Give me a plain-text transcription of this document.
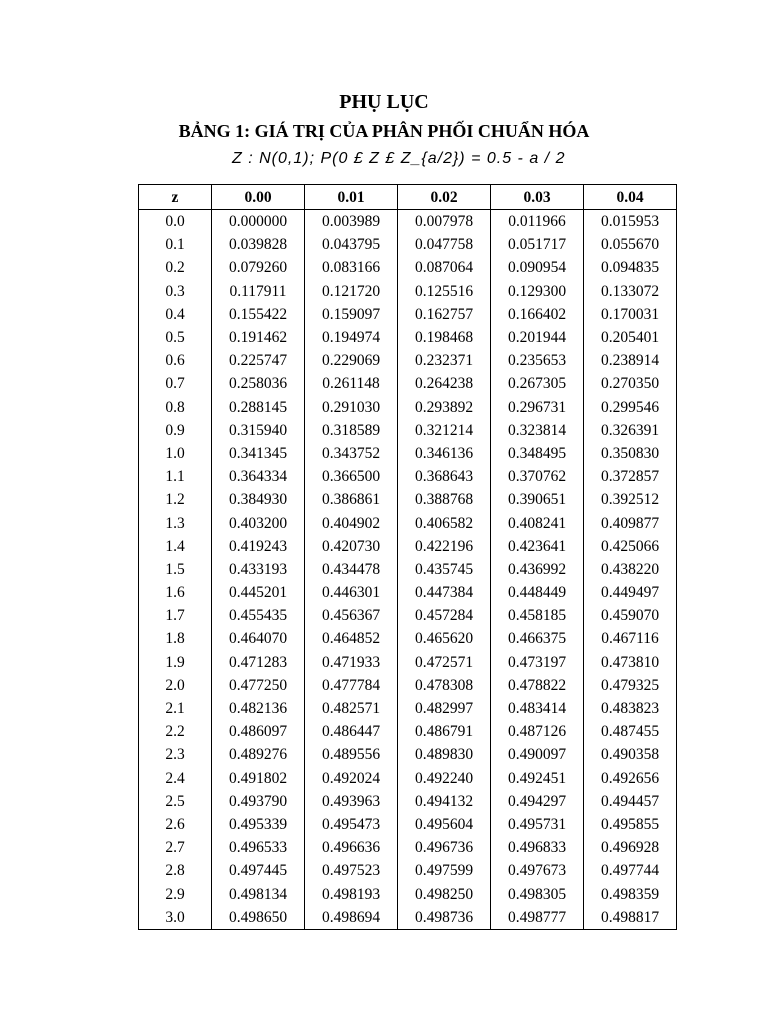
PHỤ LỤC
BẢNG 1: GIÁ TRỊ CỦA PHÂN PHỐI CHUẨN HÓA
Z : N(0,1); P(0 £ Z £ Z_{a/2}) = 0.5 - a / 2
z	0.00	0.01	0.02	0.03	0.04
0.0	0.000000	0.003989	0.007978	0.011966	0.015953
0.1	0.039828	0.043795	0.047758	0.051717	0.055670
0.2	0.079260	0.083166	0.087064	0.090954	0.094835
0.3	0.117911	0.121720	0.125516	0.129300	0.133072
0.4	0.155422	0.159097	0.162757	0.166402	0.170031
0.5	0.191462	0.194974	0.198468	0.201944	0.205401
0.6	0.225747	0.229069	0.232371	0.235653	0.238914
0.7	0.258036	0.261148	0.264238	0.267305	0.270350
0.8	0.288145	0.291030	0.293892	0.296731	0.299546
0.9	0.315940	0.318589	0.321214	0.323814	0.326391
1.0	0.341345	0.343752	0.346136	0.348495	0.350830
1.1	0.364334	0.366500	0.368643	0.370762	0.372857
1.2	0.384930	0.386861	0.388768	0.390651	0.392512
1.3	0.403200	0.404902	0.406582	0.408241	0.409877
1.4	0.419243	0.420730	0.422196	0.423641	0.425066
1.5	0.433193	0.434478	0.435745	0.436992	0.438220
1.6	0.445201	0.446301	0.447384	0.448449	0.449497
1.7	0.455435	0.456367	0.457284	0.458185	0.459070
1.8	0.464070	0.464852	0.465620	0.466375	0.467116
1.9	0.471283	0.471933	0.472571	0.473197	0.473810
2.0	0.477250	0.477784	0.478308	0.478822	0.479325
2.1	0.482136	0.482571	0.482997	0.483414	0.483823
2.2	0.486097	0.486447	0.486791	0.487126	0.487455
2.3	0.489276	0.489556	0.489830	0.490097	0.490358
2.4	0.491802	0.492024	0.492240	0.492451	0.492656
2.5	0.493790	0.493963	0.494132	0.494297	0.494457
2.6	0.495339	0.495473	0.495604	0.495731	0.495855
2.7	0.496533	0.496636	0.496736	0.496833	0.496928
2.8	0.497445	0.497523	0.497599	0.497673	0.497744
2.9	0.498134	0.498193	0.498250	0.498305	0.498359
3.0	0.498650	0.498694	0.498736	0.498777	0.498817
